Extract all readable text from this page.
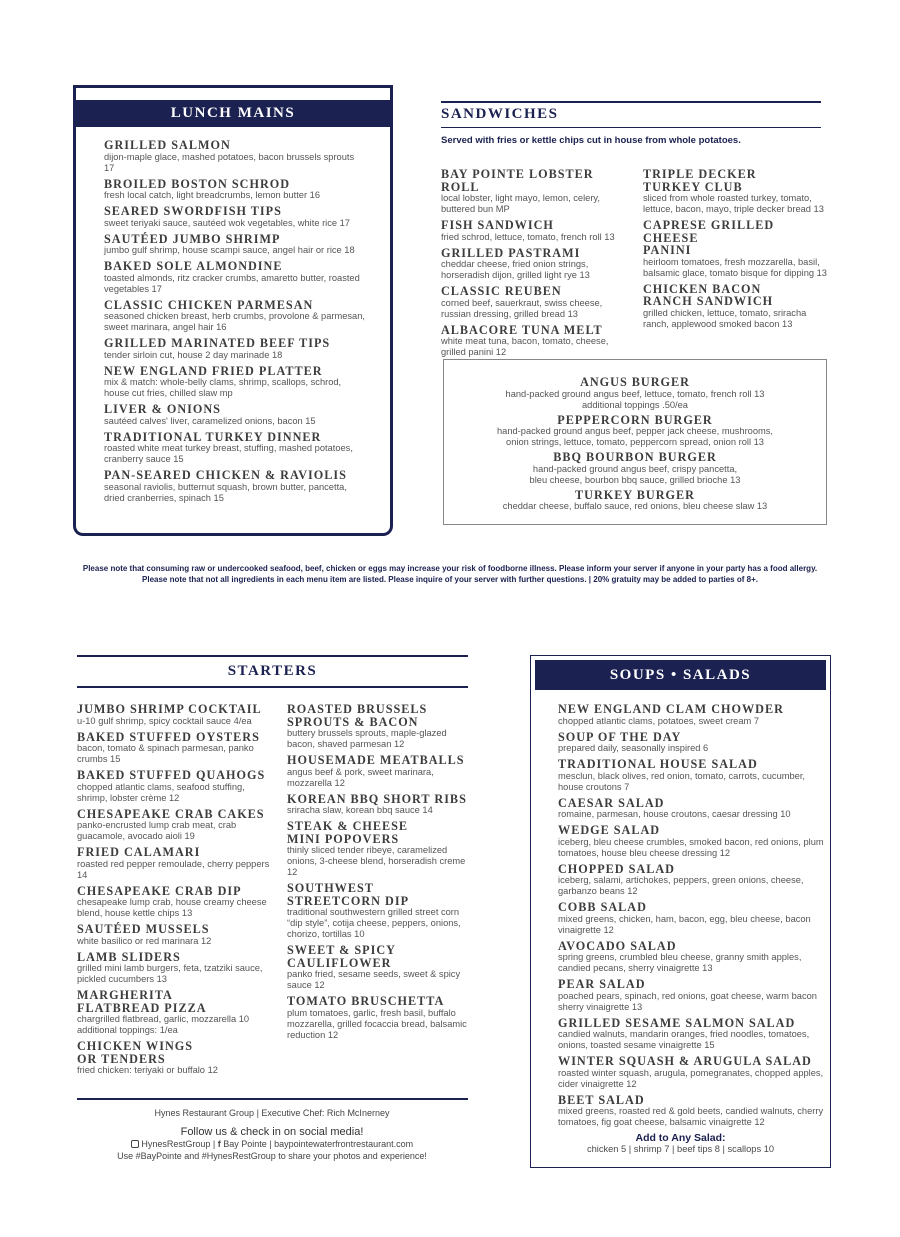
LUNCH MAINS
GRILLED SALMON
dijon-maple glace, mashed potatoes, bacon brussels sprouts 17
BROILED BOSTON SCHROD
fresh local catch, light breadcrumbs, lemon butter 16
SEARED SWORDFISH TIPS
sweet teriyaki sauce, sautéed wok vegetables, white rice 17
SAUTÉED JUMBO SHRIMP
jumbo gulf shrimp, house scampi sauce, angel hair or rice 18
BAKED SOLE ALMONDINE
toasted almonds, ritz cracker crumbs, amaretto butter, roasted vegetables 17
CLASSIC CHICKEN PARMESAN
seasoned chicken breast, herb crumbs, provolone & parmesan, sweet marinara, angel hair 16
GRILLED MARINATED BEEF TIPS
tender sirloin cut, house 2 day marinade 18
NEW ENGLAND FRIED PLATTER
mix & match: whole-belly clams, shrimp, scallops, schrod, house cut fries, chilled slaw mp
LIVER & ONIONS
sautéed calves' liver, caramelized onions, bacon 15
TRADITIONAL TURKEY DINNER
roasted white meat turkey breast, stuffing, mashed potatoes, cranberry sauce 15
PAN-SEARED CHICKEN & RAVIOLIS
seasonal raviolis, butternut squash, brown butter, pancetta, dried cranberries, spinach 15
SANDWICHES
Served with fries or kettle chips cut in house from whole potatoes.
BAY POINTE LOBSTER ROLL
local lobster, light mayo, lemon, celery, buttered bun MP
FISH SANDWICH
fried schrod, lettuce, tomato, french roll 13
GRILLED PASTRAMI
cheddar cheese, fried onion strings, horseradish dijon, grilled light rye 13
CLASSIC REUBEN
corned beef, sauerkraut, swiss cheese, russian dressing, grilled bread 13
ALBACORE TUNA MELT
white meat tuna, bacon, tomato, cheese, grilled panini 12
TRIPLE DECKER
TURKEY CLUB
sliced from whole roasted turkey, tomato, lettuce, bacon, mayo, triple decker bread 13
CAPRESE GRILLED CHEESE
PANINI
heirloom tomatoes, fresh mozzarella, basil, balsamic glace, tomato bisque for dipping 13
CHICKEN BACON
RANCH SANDWICH
grilled chicken, lettuce, tomato, sriracha ranch, applewood smoked bacon 13
ANGUS BURGER
hand-packed ground angus beef, lettuce, tomato, french roll 13
additional toppings .50/ea
PEPPERCORN BURGER
hand-packed ground angus beef, pepper jack cheese, mushrooms,
onion strings, lettuce, tomato, peppercorn spread, onion roll 13
BBQ BOURBON BURGER
hand-packed ground angus beef, crispy pancetta,
bleu cheese, bourbon bbq sauce, grilled brioche 13
TURKEY BURGER
cheddar cheese, buffalo sauce, red onions, bleu cheese slaw 13
Please note that consuming raw or undercooked seafood, beef, chicken or eggs may increase your risk of foodborne illness. Please inform your server if anyone in your party has a food allergy.
Please note that not all ingredients in each menu item are listed. Please inquire of your server with further questions. | 20% gratuity may be added to parties of 8+.
STARTERS
JUMBO SHRIMP COCKTAIL
u-10 gulf shrimp, spicy cocktail sauce 4/ea
BAKED STUFFED OYSTERS
bacon, tomato & spinach parmesan, panko crumbs 15
BAKED STUFFED QUAHOGS
chopped atlantic clams, seafood stuffing, shrimp, lobster crème 12
CHESAPEAKE CRAB CAKES
panko-encrusted lump crab meat, crab guacamole, avocado aioli 19
FRIED CALAMARI
roasted red pepper remoulade, cherry peppers 14
CHESAPEAKE CRAB DIP
chesapeake lump crab, house creamy cheese blend, house kettle chips 13
SAUTÉED MUSSELS
white basilico or red marinara 12
LAMB SLIDERS
grilled mini lamb burgers, feta, tzatziki sauce, pickled cucumbers 13
MARGHERITA
FLATBREAD PIZZA
chargrilled flatbread, garlic, mozzarella 10
additional toppings: 1/ea
CHICKEN WINGS
OR TENDERS
fried chicken: teriyaki or buffalo 12
ROASTED BRUSSELS
SPROUTS & BACON
buttery brussels sprouts, maple-glazed bacon, shaved parmesan 12
HOUSEMADE MEATBALLS
angus beef & pork, sweet marinara, mozzarella 12
KOREAN BBQ SHORT RIBS
sriracha slaw, korean bbq sauce 14
STEAK & CHEESE
MINI POPOVERS
thinly sliced tender ribeye, caramelized onions, 3-cheese blend, horseradish creme 12
SOUTHWEST
STREETCORN DIP
traditional southwestern grilled street corn “dip style”, cotija cheese, peppers, onions, chorizo, tortillas 10
SWEET & SPICY
CAULIFLOWER
panko fried, sesame seeds, sweet & spicy sauce 12
TOMATO BRUSCHETTA
plum tomatoes, garlic, fresh basil, buffalo mozzarella, grilled focaccia bread, balsamic reduction 12
Hynes Restaurant Group | Executive Chef: Rich McInerney
Follow us & check in on social media!
HynesRestGroup | f Bay Pointe | baypointewaterfrontrestaurant.com
Use #BayPointe and #HynesRestGroup to share your photos and experience!
SOUPS • SALADS
NEW ENGLAND CLAM CHOWDER
chopped atlantic clams, potatoes, sweet cream 7
SOUP OF THE DAY
prepared daily, seasonally inspired 6
TRADITIONAL HOUSE SALAD
mesclun, black olives, red onion, tomato, carrots, cucumber, house croutons 7
CAESAR SALAD
romaine, parmesan, house croutons, caesar dressing 10
WEDGE SALAD
iceberg, bleu cheese crumbles, smoked bacon, red onions, plum tomatoes, house bleu cheese dressing 12
CHOPPED SALAD
iceberg, salami, artichokes, peppers, green onions, cheese, garbanzo beans 12
COBB SALAD
mixed greens, chicken, ham, bacon, egg, bleu cheese, bacon vinaigrette 12
AVOCADO SALAD
spring greens, crumbled bleu cheese, granny smith apples, candied pecans, sherry vinaigrette 13
PEAR SALAD
poached pears, spinach, red onions, goat cheese, warm bacon sherry vinaigrette 13
GRILLED SESAME SALMON SALAD
candied walnuts, mandarin oranges, fried noodles, tomatoes, onions, toasted sesame vinaigrette 15
WINTER SQUASH & ARUGULA SALAD
roasted winter squash, arugula, pomegranates, chopped apples, cider vinaigrette 12
BEET SALAD
mixed greens, roasted red & gold beets, candied walnuts, cherry tomatoes, fig goat cheese, balsamic vinaigrette 12
Add to Any Salad:
chicken 5 | shrimp 7 | beef tips 8 | scallops 10
